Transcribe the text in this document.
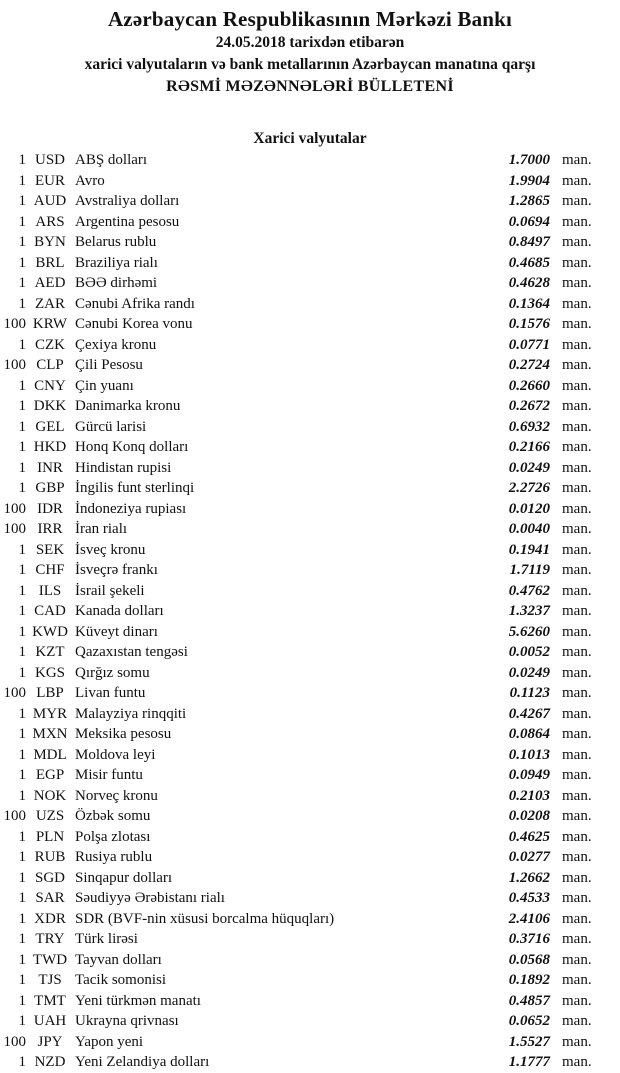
Azərbaycan Respublikasının Mərkəzi Bankı
24.05.2018 tarixdən etibarən
xarici valyutaların və bank metallarının Azərbaycan manatına qarşı
RƏSMİ MƏZƏNNƏLƏRİ BÜLLETENİ
Xarici valyutalar
1 USD ABŞ dolları	1.7000 man.
1 EUR Avro	1.9904 man.
1 AUD Avstraliya dolları	1.2865 man.
1 ARS Argentina pesosu	0.0694 man.
1 BYN Belarus rublu	0.8497 man.
1 BRL Braziliya rialı	0.4685 man.
1 AED BƏƏ dirhəmi	0.4628 man.
1 ZAR Cənubi Afrika randı	0.1364 man.
100 KRW Cənubi Korea vonu	0.1576 man.
1 CZK Çexiya kronu	0.0771 man.
100 CLP Çili Pesosu	0.2724 man.
1 CNY Çin yuanı	0.2660 man.
1 DKK Danimarka kronu	0.2672 man.
1 GEL Gürcü larisi	0.6932 man.
1 HKD Honq Konq dolları	0.2166 man.
1 INR Hindistan rupisi	0.0249 man.
1 GBP İngilis funt sterlinqi	2.2726 man.
100 IDR İndoneziya rupiası	0.0120 man.
100 IRR İran rialı	0.0040 man.
1 SEK İsveç kronu	0.1941 man.
1 CHF İsveçrə frankı	1.7119 man.
1 ILS İsrail şekeli	0.4762 man.
1 CAD Kanada dolları	1.3237 man.
1 KWD Küveyt dinarı	5.6260 man.
1 KZT Qazaxıstan tengəsi	0.0052 man.
1 KGS Qırğız somu	0.0249 man.
100 LBP Livan funtu	0.1123 man.
1 MYR Malayziya rinqqiti	0.4267 man.
1 MXN Meksika pesosu	0.0864 man.
1 MDL Moldova leyi	0.1013 man.
1 EGP Misir funtu	0.0949 man.
1 NOK Norveç kronu	0.2103 man.
100 UZS Özbək somu	0.0208 man.
1 PLN Polşa zlotası	0.4625 man.
1 RUB Rusiya rublu	0.0277 man.
1 SGD Sinqapur dolları	1.2662 man.
1 SAR Səudiyyə Ərəbistanı rialı	0.4533 man.
1 XDR SDR (BVF-nin xüsusi borcalma hüquqları)	2.4106 man.
1 TRY Türk lirəsi	0.3716 man.
1 TWD Tayvan dolları	0.0568 man.
1 TJS Tacik somonisi	0.1892 man.
1 TMT Yeni türkmən manatı	0.4857 man.
1 UAH Ukrayna qrivnası	0.0652 man.
100 JPY Yapon yeni	1.5527 man.
1 NZD Yeni Zelandiya dolları	1.1777 man.
